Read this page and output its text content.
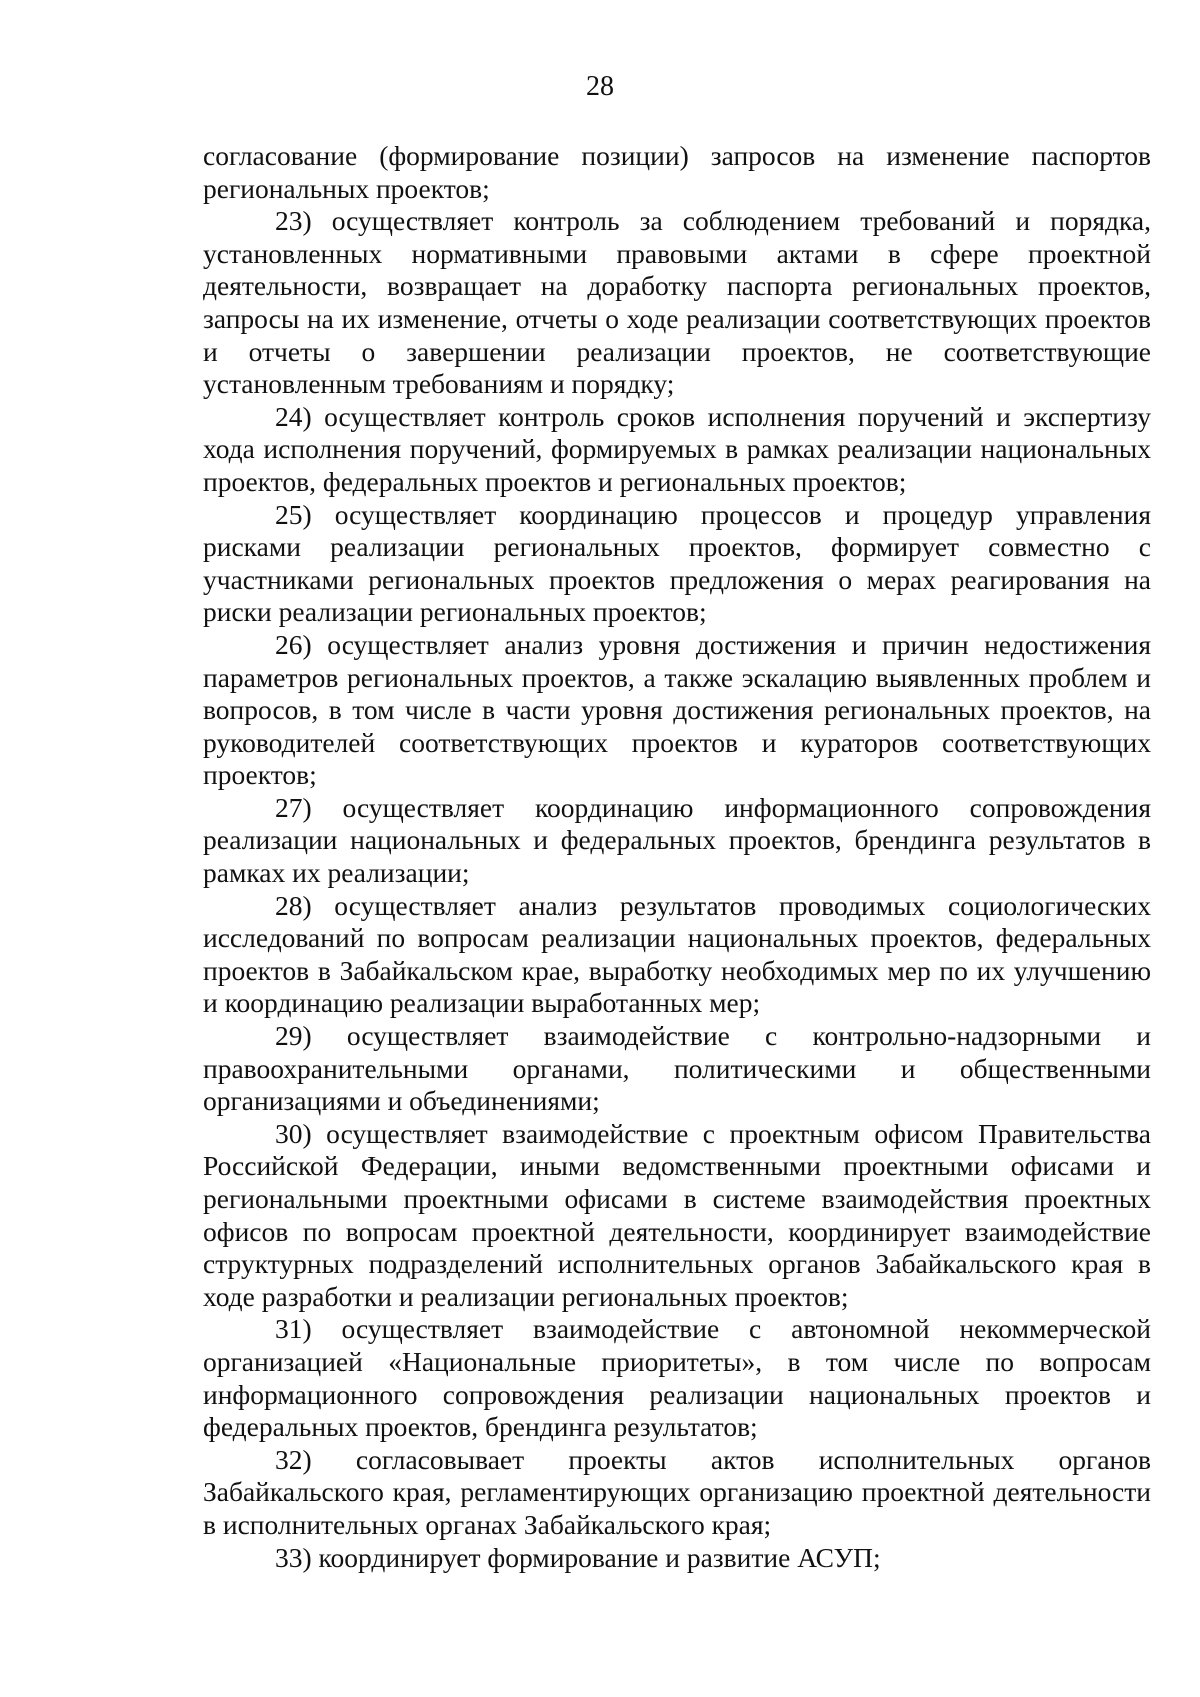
28

согласование (формирование позиции) запросов на изменение паспортов региональных проектов;

23) осуществляет контроль за соблюдением требований и порядка, установленных нормативными правовыми актами в сфере проектной деятельности, возвращает на доработку паспорта региональных проектов, запросы на их изменение, отчеты о ходе реализации соответствующих проектов и отчеты о завершении реализации проектов, не соответствующие установленным требованиям и порядку;

24) осуществляет контроль сроков исполнения поручений и экспертизу хода исполнения поручений, формируемых в рамках реализации национальных проектов, федеральных проектов и региональных проектов;

25) осуществляет координацию процессов и процедур управления рисками реализации региональных проектов, формирует совместно с участниками региональных проектов предложения о мерах реагирования на риски реализации региональных проектов;

26) осуществляет анализ уровня достижения и причин недостижения параметров региональных проектов, а также эскалацию выявленных проблем и вопросов, в том числе в части уровня достижения региональных проектов, на руководителей соответствующих проектов и кураторов соответствующих проектов;

27) осуществляет координацию информационного сопровождения реализации национальных и федеральных проектов, брендинга результатов в рамках их реализации;

28) осуществляет анализ результатов проводимых социологических исследований по вопросам реализации национальных проектов, федеральных проектов в Забайкальском крае, выработку необходимых мер по их улучшению и координацию реализации выработанных мер;

29) осуществляет взаимодействие с контрольно-надзорными и правоохранительными органами, политическими и общественными организациями и объединениями;

30) осуществляет взаимодействие с проектным офисом Правительства Российской Федерации, иными ведомственными проектными офисами и региональными проектными офисами в системе взаимодействия проектных офисов по вопросам проектной деятельности, координирует взаимодействие структурных подразделений исполнительных органов Забайкальского края в ходе разработки и реализации региональных проектов;

31) осуществляет взаимодействие с автономной некоммерческой организацией «Национальные приоритеты», в том числе по вопросам информационного сопровождения реализации национальных проектов и федеральных проектов, брендинга результатов;

32) согласовывает проекты актов исполнительных органов Забайкальского края, регламентирующих организацию проектной деятельности в исполнительных органах Забайкальского края;

33) координирует формирование и развитие АСУП;
